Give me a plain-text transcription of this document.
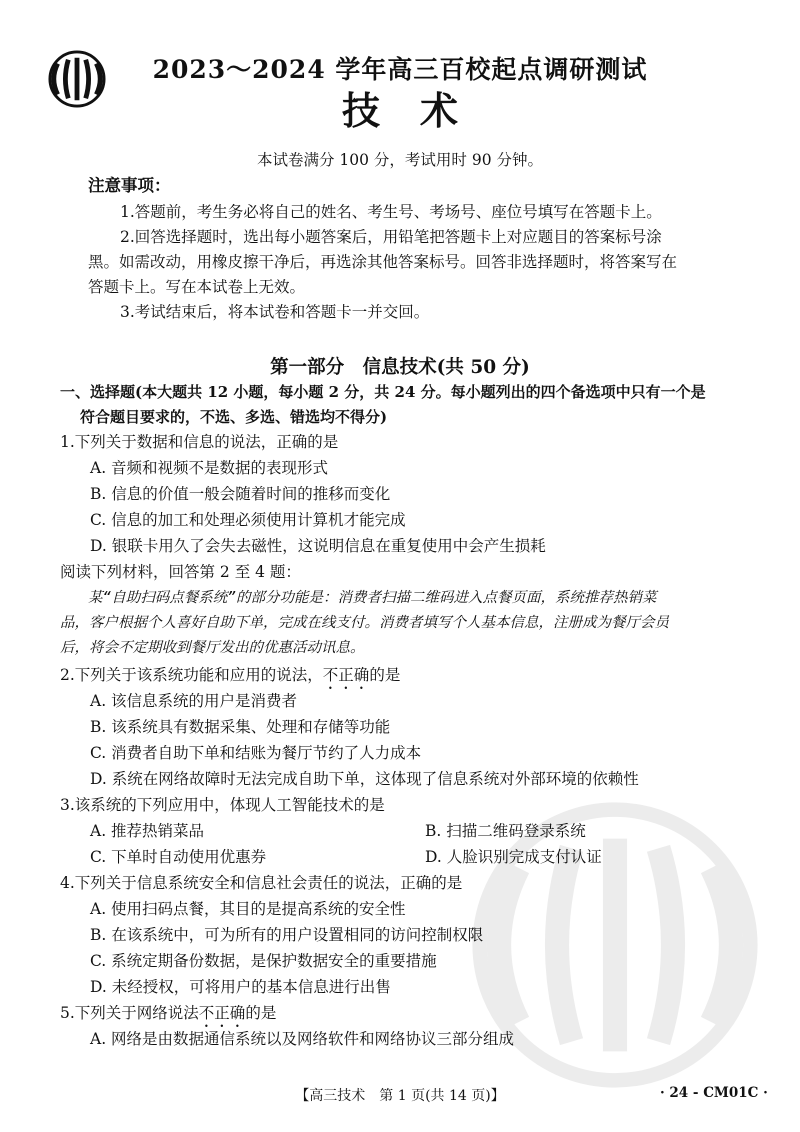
2023～2024 学年高三百校起点调研测试
技术
本试卷满分 100 分，考试用时 90 分钟。
注意事项：
1.答题前，考生务必将自己的姓名、考生号、考场号、座位号填写在答题卡上。
2.回答选择题时，选出每小题答案后，用铅笔把答题卡上对应题目的答案标号涂
黑。如需改动，用橡皮擦干净后，再选涂其他答案标号。回答非选择题时，将答案写在
答题卡上。写在本试卷上无效。
3.考试结束后，将本试卷和答题卡一并交回。
第一部分　信息技术(共 50 分)
一、选择题(本大题共 12 小题，每小题 2 分，共 24 分。每小题列出的四个备选项中只有一个是
符合题目要求的，不选、多选、错选均不得分)
1.下列关于数据和信息的说法，正确的是
A. 音频和视频不是数据的表现形式
B. 信息的价值一般会随着时间的推移而变化
C. 信息的加工和处理必须使用计算机才能完成
D. 银联卡用久了会失去磁性，这说明信息在重复使用中会产生损耗
阅读下列材料，回答第 2 至 4 题：
某“自助扫码点餐系统”的部分功能是：消费者扫描二维码进入点餐页面，系统推荐热销菜
品，客户根据个人喜好自助下单，完成在线支付。消费者填写个人基本信息，注册成为餐厅会员
后，将会不定期收到餐厅发出的优惠活动讯息。
2.下列关于该系统功能和应用的说法，不正确的是
A. 该信息系统的用户是消费者
B. 该系统具有数据采集、处理和存储等功能
C. 消费者自助下单和结账为餐厅节约了人力成本
D. 系统在网络故障时无法完成自助下单，这体现了信息系统对外部环境的依赖性
3.该系统的下列应用中，体现人工智能技术的是
A. 推荐热销菜品	B. 扫描二维码登录系统
C. 下单时自动使用优惠券	D. 人脸识别完成支付认证
4.下列关于信息系统安全和信息社会责任的说法，正确的是
A. 使用扫码点餐，其目的是提高系统的安全性
B. 在该系统中，可为所有的用户设置相同的访问控制权限
C. 系统定期备份数据，是保护数据安全的重要措施
D. 未经授权，可将用户的基本信息进行出售
5.下列关于网络说法不正确的是
A. 网络是由数据通信系统以及网络软件和网络协议三部分组成
【高三技术　第 1 页(共 14 页)】	· 24 - CM01C ·
